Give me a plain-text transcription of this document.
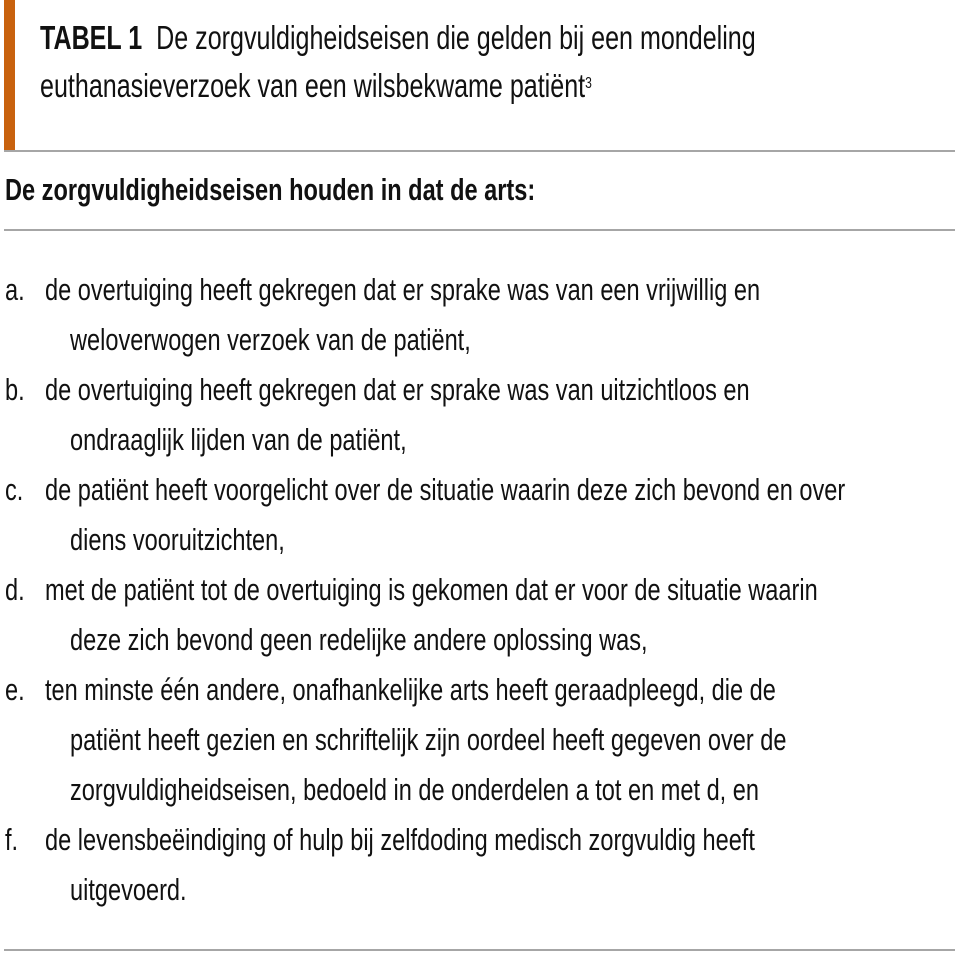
TABEL 1 De zorgvuldigheidseisen die gelden bij een mondeling
euthanasieverzoek van een wilsbekwame patiënt$^3$
De zorgvuldigheidseisen houden in dat de arts:
a. de overtuiging heeft gekregen dat er sprake was van een vrijwillig en
weloverwogen verzoek van de patiënt,
b. de overtuiging heeft gekregen dat er sprake was van uitzichtloos en
ondraaglijk lijden van de patiënt,
c. de patiënt heeft voorgelicht over de situatie waarin deze zich bevond en over
diens vooruitzichten,
d. met de patiënt tot de overtuiging is gekomen dat er voor de situatie waarin
deze zich bevond geen redelijke andere oplossing was,
e. ten minste één andere, onafhankelijke arts heeft geraadpleegd, die de
patiënt heeft gezien en schriftelijk zijn oordeel heeft gegeven over de
zorgvuldigheidseisen, bedoeld in de onderdelen a tot en met d, en
f. de levensbeëindiging of hulp bij zelfdoding medisch zorgvuldig heeft
uitgevoerd.
